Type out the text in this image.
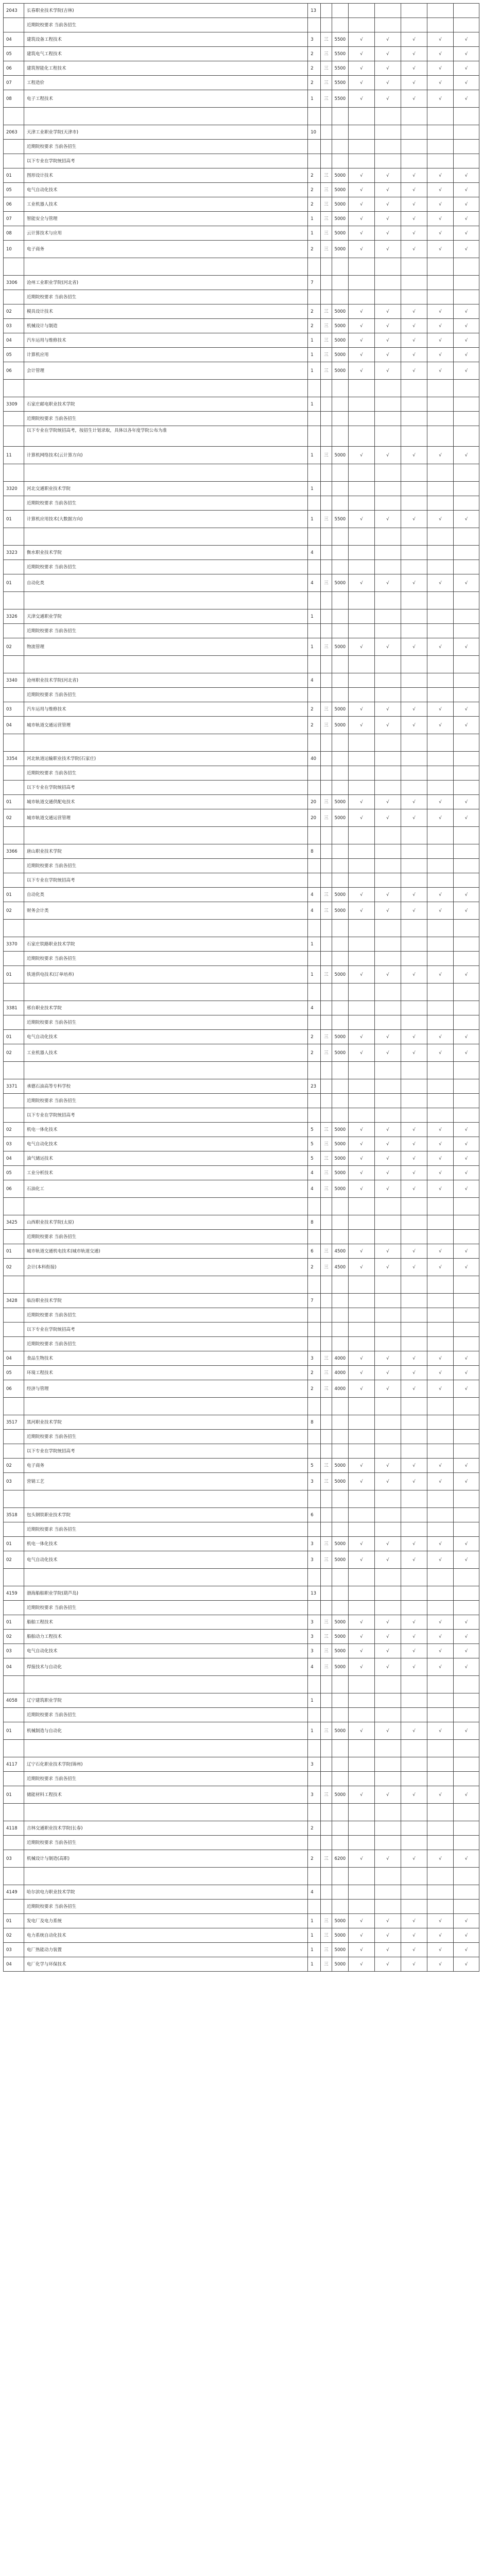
2043	长春职业技术学院(吉林)	13
近期院校要求 当前各招生
04	建筑设备工程技术	3	三	5500	√	√	√	√	√
05	建筑电气工程技术	2	三	5500	√	√	√	√	√
06	建筑智能化工程技术	2	三	5500	√	√	√	√	√
07	工程造价	2	三	5500	√	√	√	√	√
08	电子工程技术	1	三	5500	√	√	√	√	√
2063	天津工业职业学院(天津市)	10
近期院校要求 当前各招生
以下专业在学院统招高考
01	图形设计技术	2	三	5000	√	√	√	√	√
05	电气自动化技术	2	三	5000	√	√	√	√	√
06	工业机器人技术	2	三	5000	√	√	√	√	√
07	智能安全与管理	1	三	5000	√	√	√	√	√
08	云计算技术与应用	1	三	5000	√	√	√	√	√
10	电子商务	2	三	5000	√	√	√	√	√
3306	沧州工业职业学院(河北省)	7
近期院校要求 当前各招生
02	模具设计技术	2	三	5000	√	√	√	√	√
03	机械设计与制造	2	三	5000	√	√	√	√	√
04	汽车运用与维修技术	1	三	5000	√	√	√	√	√
05	计算机应用	1	三	5000	√	√	√	√	√
06	会计管理	1	三	5000	√	√	√	√	√
3309	石家庄邮电职业技术学院	1
近期院校要求 当前各招生
以下专业在学院统招高考，按招生计划录取，具体以各年度学院公布为准
11	计算机网络技术(云计算方向)	1	三	5000	√	√	√	√	√
3320	河北交通职业技术学院	1
近期院校要求 当前各招生
01	计算机应用技术(大数据方向)	1	三	5500	√	√	√	√	√
3323	衡水职业技术学院	4
近期院校要求 当前各招生
01	自动化类	4	三	5000	√	√	√	√	√
3326	天津交通职业学院	1
近期院校要求 当前各招生
02	物流管理	1	三	5000	√	√	√	√	√
3340	沧州职业技术学院(河北省)	4
近期院校要求 当前各招生
03	汽车运用与维修技术	2	三	5000	√	√	√	√	√
04	城市轨道交通运营管理	2	三	5000	√	√	√	√	√
3354	河北轨道运输职业技术学院(石家庄)	40
近期院校要求 当前各招生
以下专业在学院统招高考
01	城市轨道交通供配电技术	20	三	5000	√	√	√	√	√
02	城市轨道交通运营管理	20	三	5000	√	√	√	√	√
3366	唐山职业技术学院	8
近期院校要求 当前各招生
以下专业在学院统招高考
01	自动化类	4	三	5000	√	√	√	√	√
02	财务会计类	4	三	5000	√	√	√	√	√
3370	石家庄铁路职业技术学院	1
近期院校要求 当前各招生
01	铁道供电技术(订单培养)	1	三	5000	√	√	√	√	√
3381	邢台职业技术学院	4
近期院校要求 当前各招生
01	电气自动化技术	2	三	5000	√	√	√	√	√
02	工业机器人技术	2	三	5000	√	√	√	√	√
3371	承德石油高等专科学校	23
近期院校要求 当前各招生
以下专业在学院统招高考
02	机电一体化技术	5	三	5000	√	√	√	√	√
03	电气自动化技术	5	三	5000	√	√	√	√	√
04	油气储运技术	5	三	5000	√	√	√	√	√
05	工业分析技术	4	三	5000	√	√	√	√	√
06	石油化工	4	三	5000	√	√	√	√	√
3425	山西职业技术学院(太原)	8
近期院校要求 当前各招生
01	城市轨道交通机电技术(城市轨道交通)	6	三	4500	√	√	√	√	√
02	会计(本科衔接)	2	三	4500	√	√	√	√	√
3428	临汾职业技术学院	7
近期院校要求 当前各招生
以下专业在学院统招高考
近期院校要求 当前各招生
04	食品生物技术	3	三	4000	√	√	√	√	√
05	环境工程技术	2	三	4000	√	√	√	√	√
06	经济与管理	2	三	4000	√	√	√	√	√
3517	黑河职业技术学院	8
近期院校要求 当前各招生
以下专业在学院统招高考
02	电子商务	5	三	5000	√	√	√	√	√
03	营销工艺	3	三	5000	√	√	√	√	√
3518	包头钢铁职业技术学院	6
近期院校要求 当前各招生
01	机电一体化技术	3	三	5000	√	√	√	√	√
02	电气自动化技术	3	三	5000	√	√	√	√	√
4159	渤海船舶职业学院(葫芦岛)	13
近期院校要求 当前各招生
01	船舶工程技术	3	三	5000	√	√	√	√	√
02	船舶动力工程技术	3	三	5000	√	√	√	√	√
03	电气自动化技术	3	三	5000	√	√	√	√	√
04	焊接技术与自动化	4	三	5000	√	√	√	√	√
4058	辽宁建筑职业学院	1
近期院校要求 当前各招生
01	机械制造与自动化	1	三	5000	√	√	√	√	√
4117	辽宁石化职业技术学院(锦州)	3
近期院校要求 当前各招生
01	储能材料工程技术	3	三	5000	√	√	√	√	√
4118	吉林交通职业技术学院(长春)	2
近期院校要求 当前各招生
03	机械设计与制造(高职)	2	三	6200	√	√	√	√	√
4149	哈尔滨电力职业技术学院	4
近期院校要求 当前各招生
01	发电厂及电力系统	1	三	5000	√	√	√	√	√
02	电力系统自动化技术	1	三	5000	√	√	√	√	√
03	电厂热能动力装置	1	三	5000	√	√	√	√	√
04	电厂化学与环保技术	1	三	5000	√	√	√	√	√
